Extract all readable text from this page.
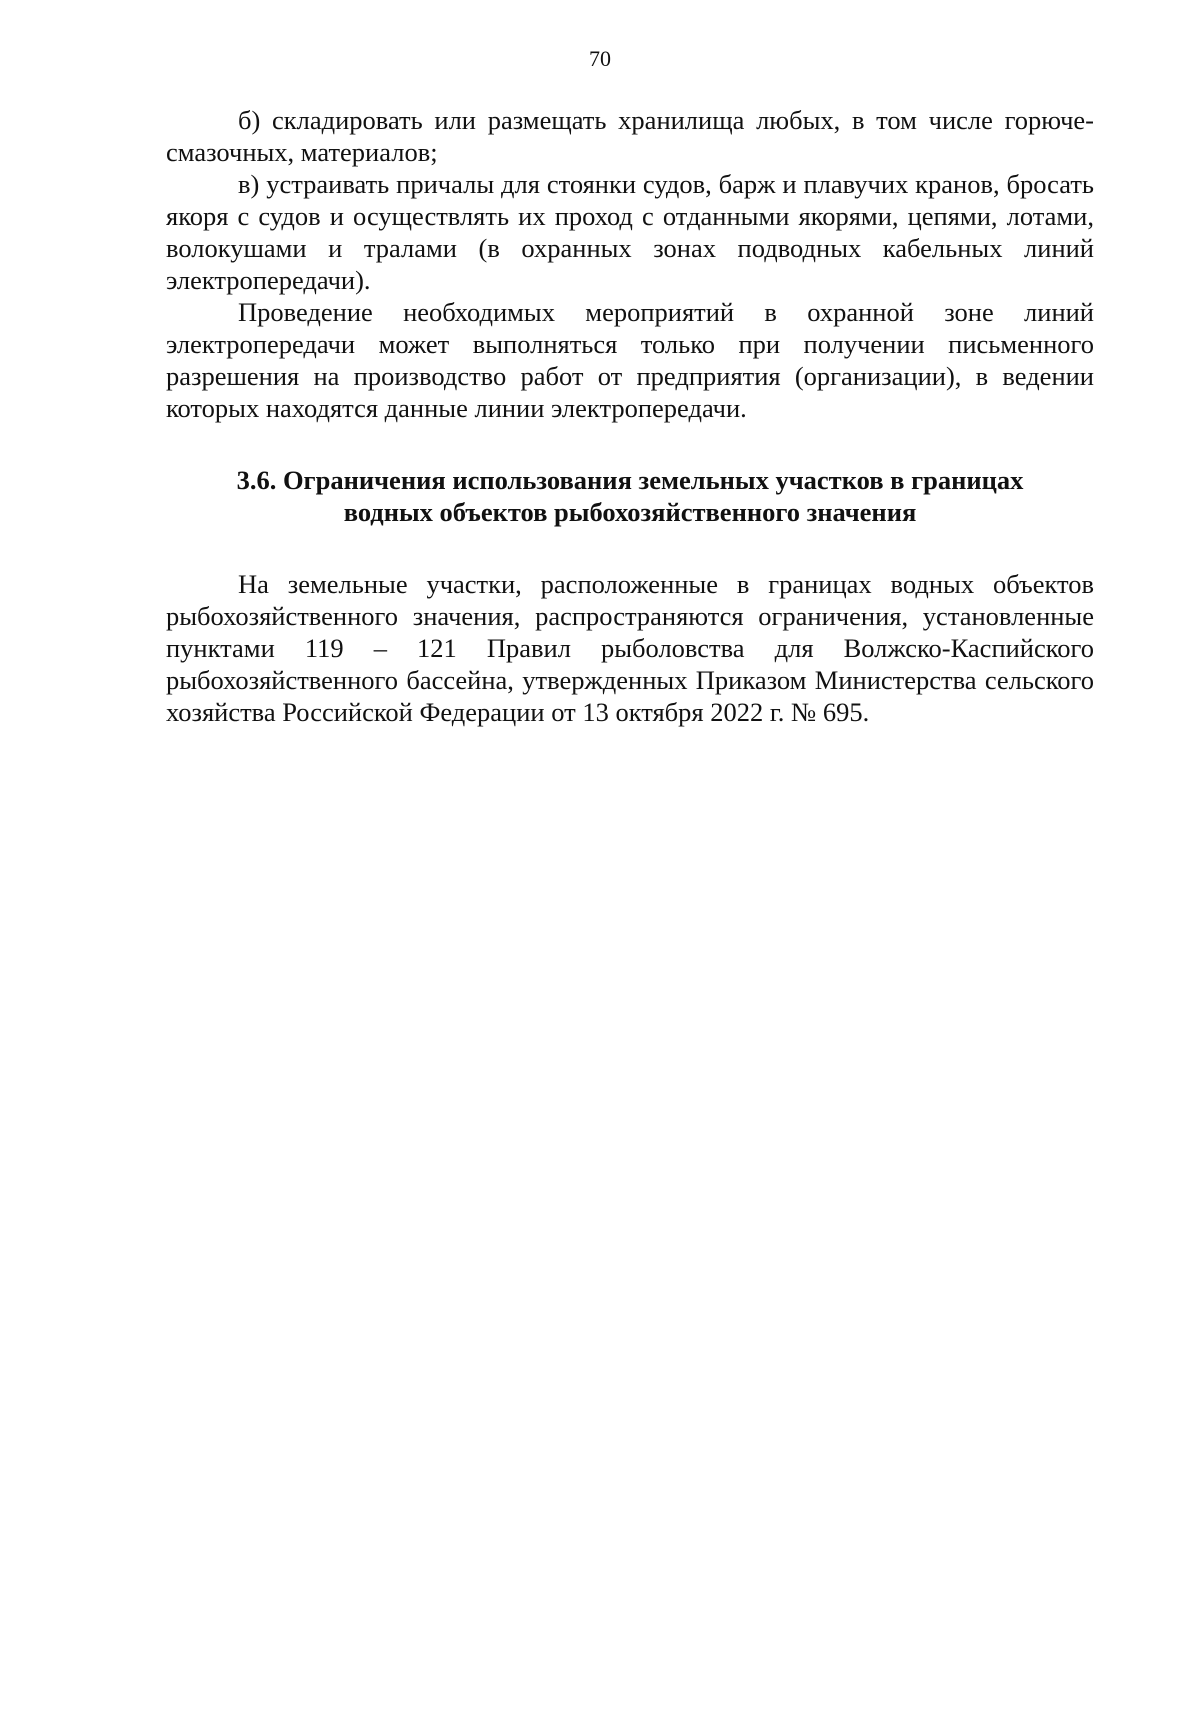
70

б) складировать или размещать хранилища любых, в том числе горюче-смазочных, материалов;

в) устраивать причалы для стоянки судов, барж и плавучих кранов, бросать якоря с судов и осуществлять их проход с отданными якорями, цепями, лотами, волокушами и тралами (в охранных зонах подводных кабельных линий электропередачи).

Проведение необходимых мероприятий в охранной зоне линий электропередачи может выполняться только при получении письменного разрешения на производство работ от предприятия (организации), в ведении которых находятся данные линии электропередачи.

3.6. Ограничения использования земельных участков в границах
водных объектов рыбохозяйственного значения

На земельные участки, расположенные в границах водных объектов рыбохозяйственного значения, распространяются ограничения, установленные пунктами 119 – 121 Правил рыболовства для Волжско-Каспийского рыбохозяйственного бассейна, утвержденных Приказом Министерства сельского хозяйства Российской Федерации от 13 октября 2022 г. № 695.
